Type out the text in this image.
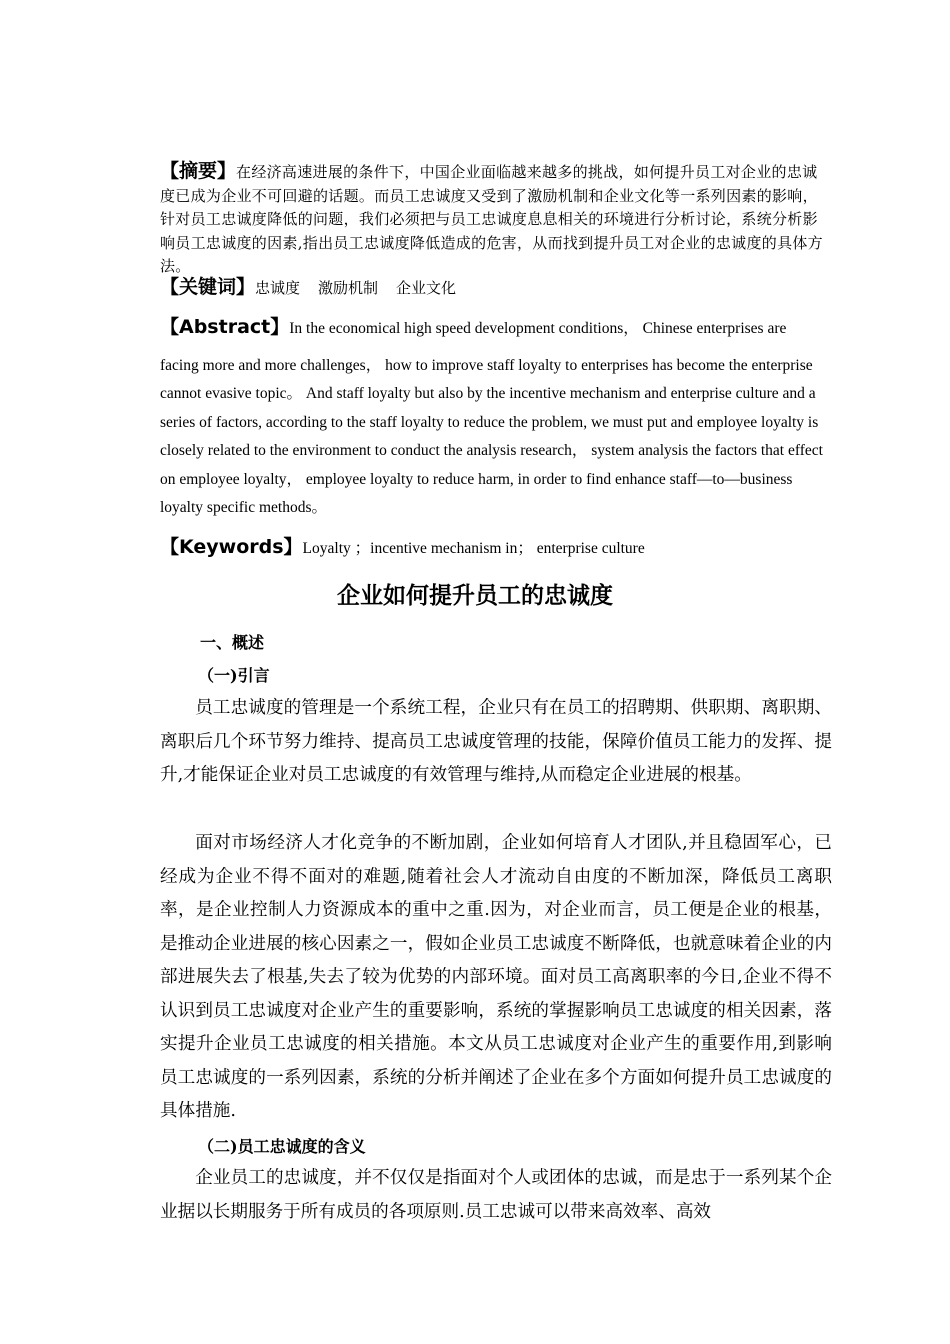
【摘要】在经济高速进展的条件下，中国企业面临越来越多的挑战，如何提升员工对企业的忠诚度已成为企业不可回避的话题。而员工忠诚度又受到了激励机制和企业文化等一系列因素的影响，针对员工忠诚度降低的问题，我们必须把与员工忠诚度息息相关的环境进行分析讨论，系统分析影响员工忠诚度的因素,指出员工忠诚度降低造成的危害，从而找到提升员工对企业的忠诚度的具体方法。
【关键词】忠诚度 激励机制 企业文化
【Abstract】In the economical high speed development conditions， Chinese enterprises are
facing more and more challenges， how to improve staff loyalty to enterprises has become the enterprise cannot evasive topic。 And staff loyalty but also by the incentive mechanism and enterprise culture and a series of factors, according to the staff loyalty to reduce the problem, we must put and employee loyalty is closely related to the environment to conduct the analysis research， system analysis the factors that effect on employee loyalty， employee loyalty to reduce harm, in order to find enhance staff—to—business loyalty specific methods。
【Keywords】Loyalty ；incentive mechanism in； enterprise culture
企业如何提升员工的忠诚度
一、概述
（一)引言

员工忠诚度的管理是一个系统工程，企业只有在员工的招聘期、供职期、离职期、离职后几个环节努力维持、提高员工忠诚度管理的技能，保障价值员工能力的发挥、提升,才能保证企业对员工忠诚度的有效管理与维持,从而稳定企业进展的根基。

面对市场经济人才化竞争的不断加剧，企业如何培育人才团队,并且稳固军心，已经成为企业不得不面对的难题,随着社会人才流动自由度的不断加深，降低员工离职率，是企业控制人力资源成本的重中之重.因为，对企业而言，员工便是企业的根基，是推动企业进展的核心因素之一，假如企业员工忠诚度不断降低，也就意味着企业的内部进展失去了根基,失去了较为优势的内部环境。面对员工高离职率的今日,企业不得不认识到员工忠诚度对企业产生的重要影响，系统的掌握影响员工忠诚度的相关因素，落实提升企业员工忠诚度的相关措施。本文从员工忠诚度对企业产生的重要作用,到影响员工忠诚度的一系列因素，系统的分析并阐述了企业在多个方面如何提升员工忠诚度的具体措施.

（二)员工忠诚度的含义

企业员工的忠诚度，并不仅仅是指面对个人或团体的忠诚，而是忠于一系列某个企业据以长期服务于所有成员的各项原则.员工忠诚可以带来高效率、高效
